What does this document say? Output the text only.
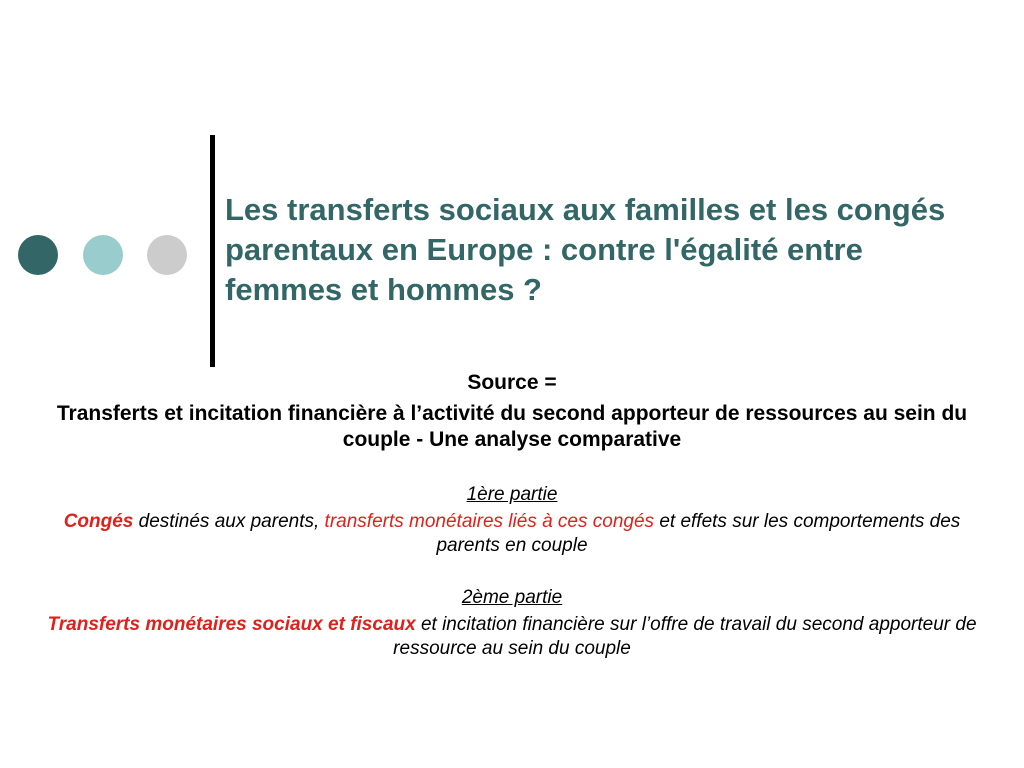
Les transferts sociaux aux familles et les congés parentaux en Europe : contre l'égalité entre femmes et hommes ?
Source =
Transferts et incitation financière à l’activité du second apporteur de ressources au sein du couple - Une analyse comparative
1ère partie
Congés destinés aux parents, transferts monétaires liés à ces congés et effets sur les comportements des parents en couple
2ème partie
Transferts monétaires sociaux et fiscaux et incitation financière sur l’offre de travail du second apporteur de ressource au sein du couple
